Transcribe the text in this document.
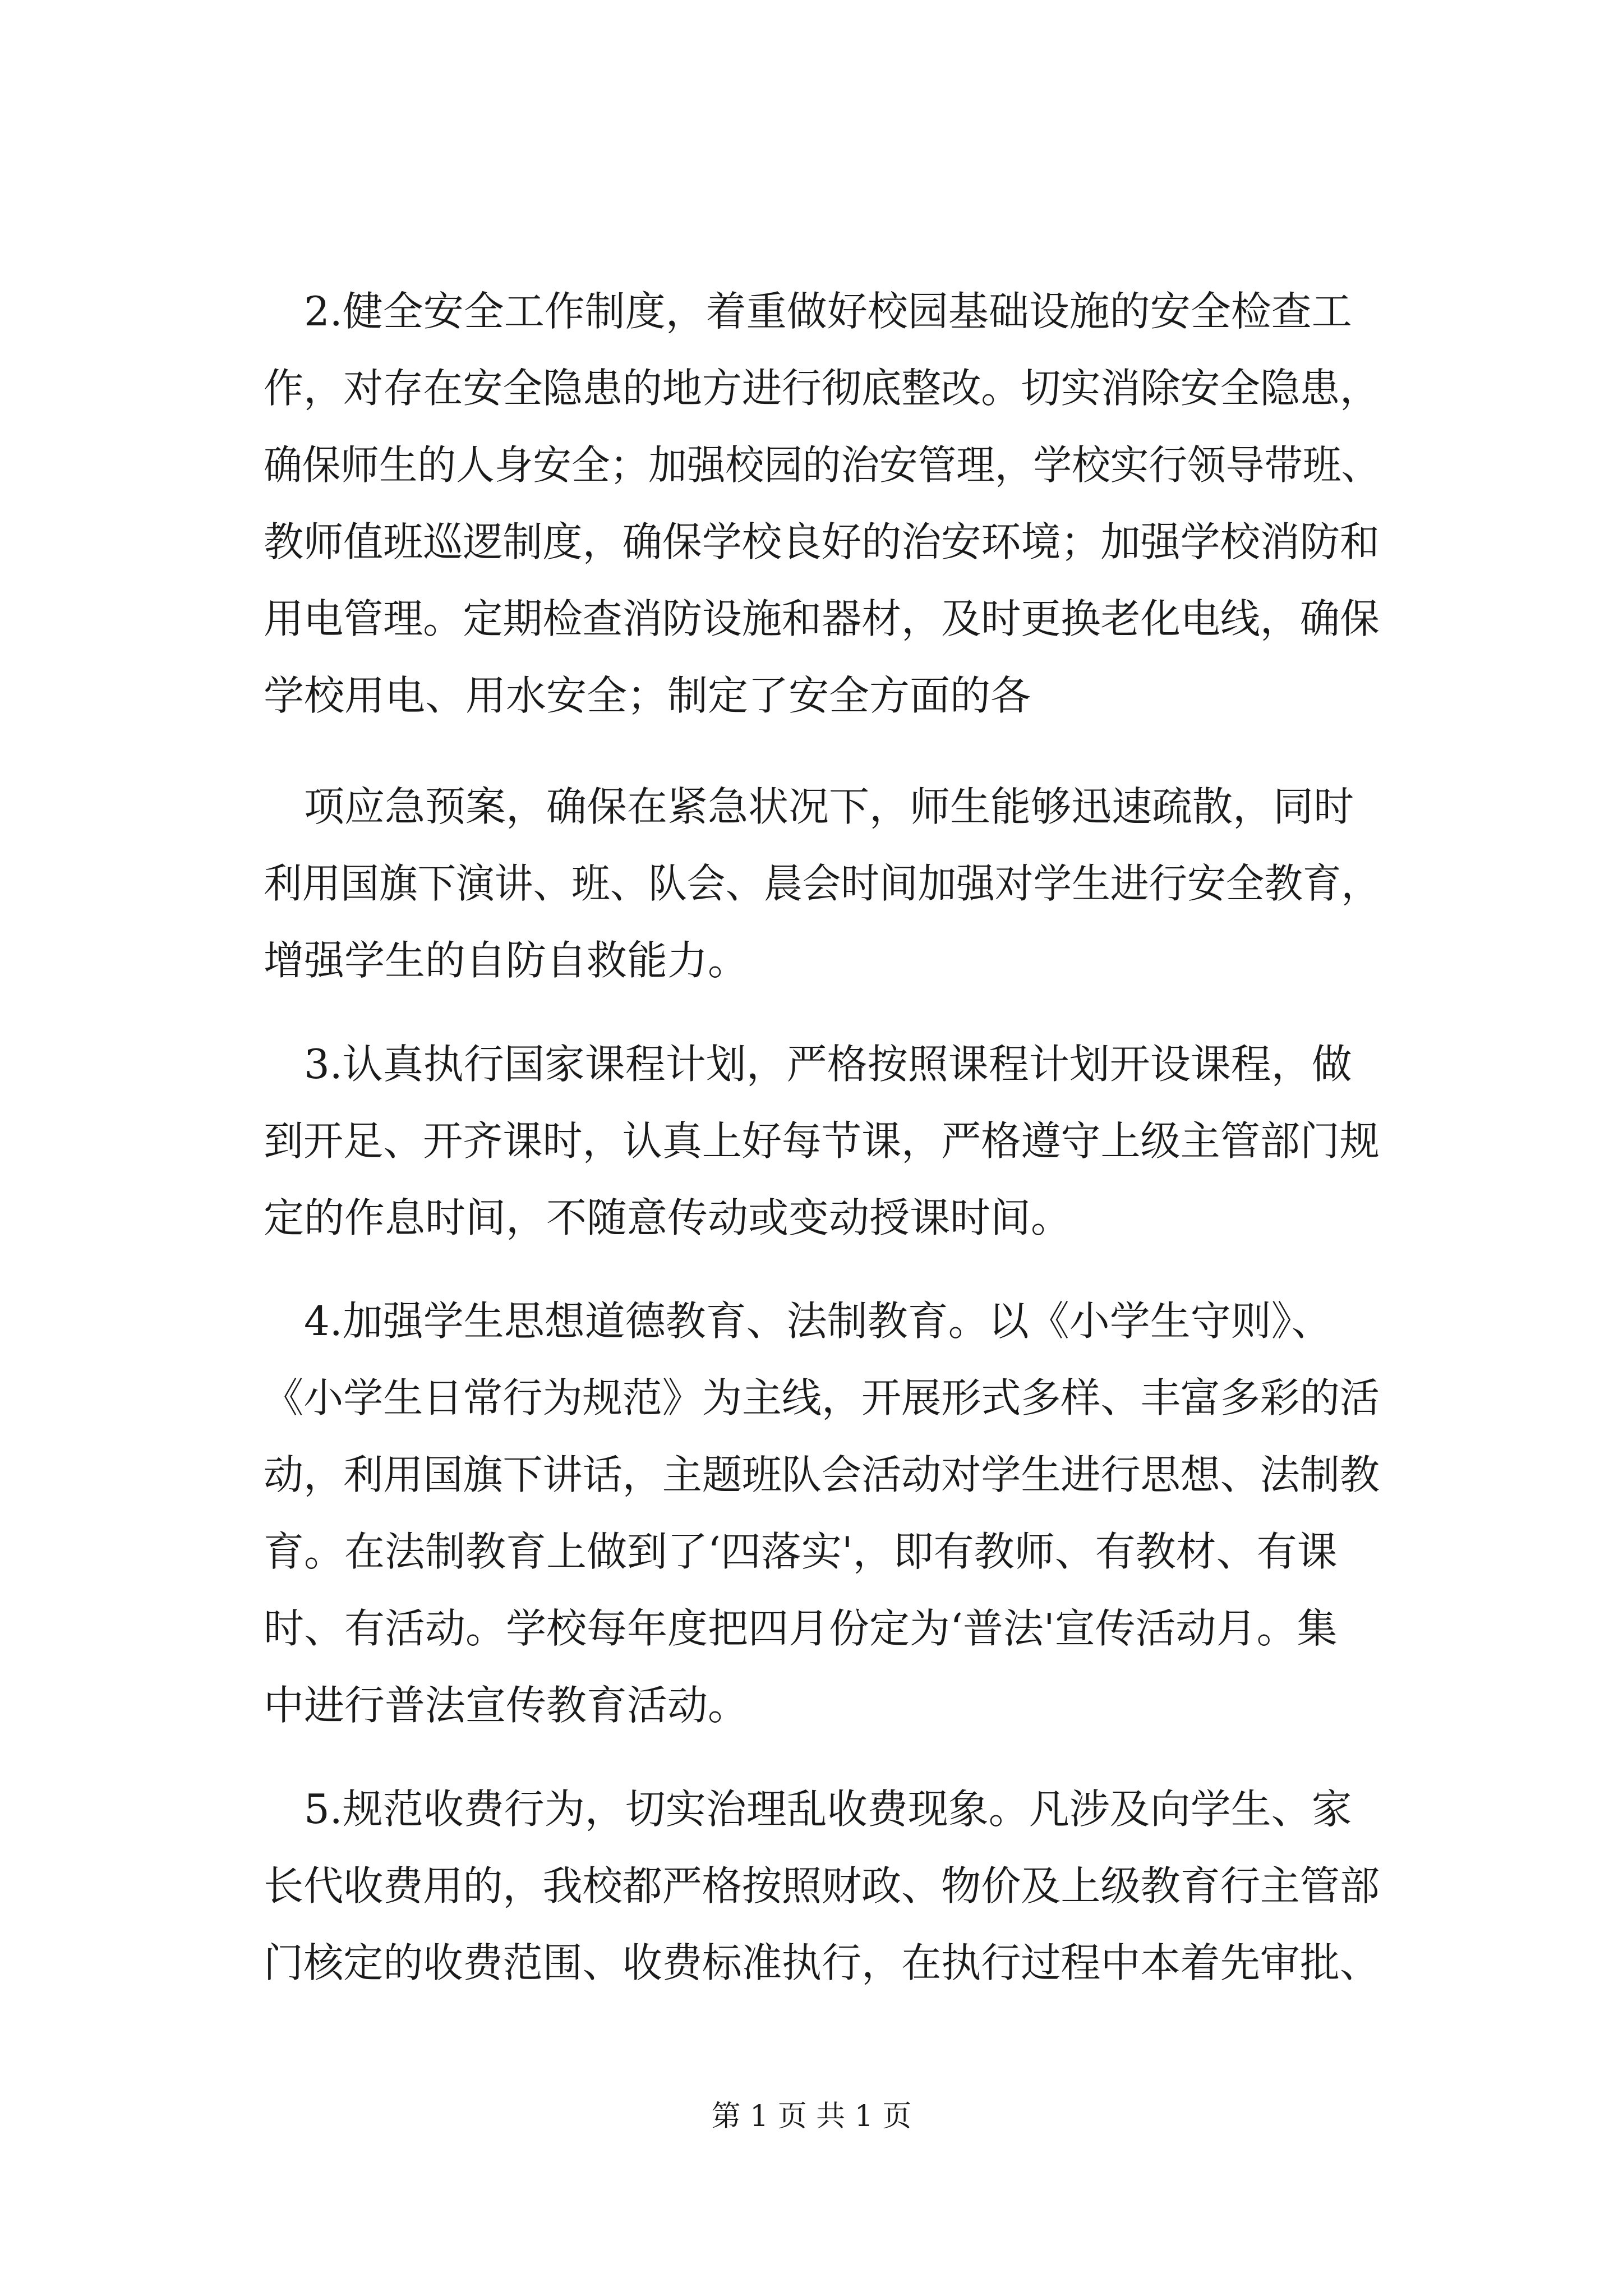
2.健全安全工作制度，着重做好校园基础设施的安全检查工
作，对存在安全隐患的地方进行彻底整改。切实消除安全隐患，
确保师生的人身安全；加强校园的治安管理，学校实行领导带班、
教师值班巡逻制度，确保学校良好的治安环境；加强学校消防和
用电管理。定期检查消防设施和器材，及时更换老化电线，确保
学校用电、用水安全；制定了安全方面的各
项应急预案，确保在紧急状况下，师生能够迅速疏散，同时
利用国旗下演讲、班、队会、晨会时间加强对学生进行安全教育，
增强学生的自防自救能力。
3.认真执行国家课程计划，严格按照课程计划开设课程，做
到开足、开齐课时，认真上好每节课，严格遵守上级主管部门规
定的作息时间，不随意传动或变动授课时间。
4.加强学生思想道德教育、法制教育。以《小学生守则》、
《小学生日常行为规范》为主线，开展形式多样、丰富多彩的活
动，利用国旗下讲话，主题班队会活动对学生进行思想、法制教
育。在法制教育上做到了‘四落实'，即有教师、有教材、有课
时、有活动。学校每年度把四月份定为‘普法'宣传活动月。集
中进行普法宣传教育活动。
5.规范收费行为，切实治理乱收费现象。凡涉及向学生、家
长代收费用的，我校都严格按照财政、物价及上级教育行主管部
门核定的收费范围、收费标准执行，在执行过程中本着先审批、
第 1 页 共 1 页
